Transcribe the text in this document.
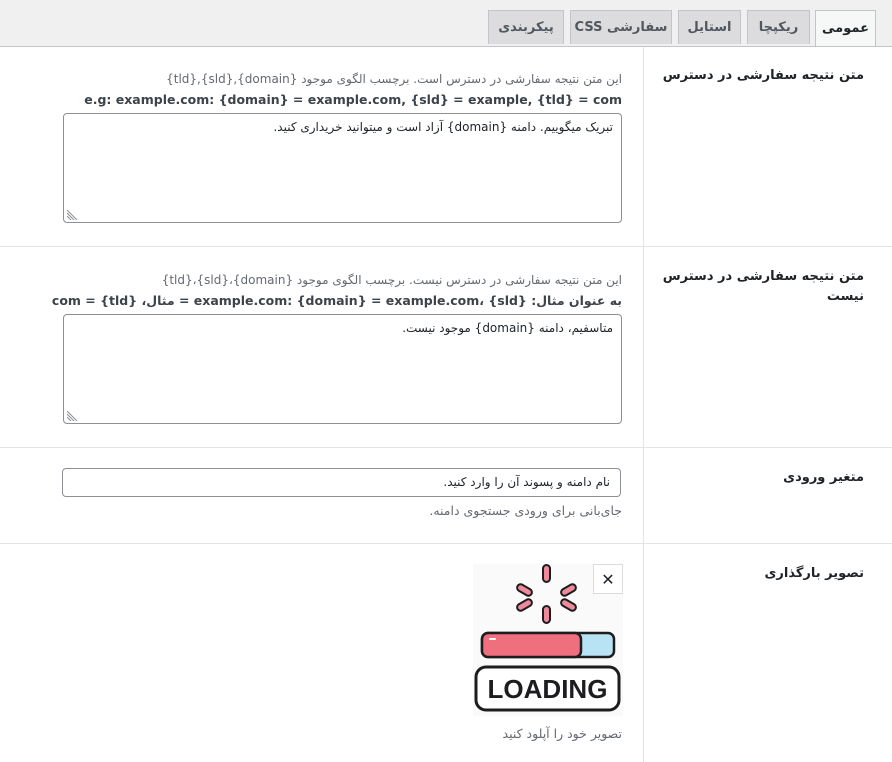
عمومی
ریکپچا
استایل
CSS سفارشی
پیکربندی
متن نتیجه سفارشی در دسترس
این متن نتیجه سفارشی در دسترس است. برچسب الگوی موجود {domain},{sld},{tld}
e.g: example.com: {domain} = example.com, {sld} = example, {tld} = com
تبریک میگوییم. دامنه {domain} آزاد است و میتوانید خریداری کنید.
متن نتیجه سفارشی در دسترس نیست
این متن نتیجه سفارشی در دسترس نیست. برچسب الگوی موجود {domain}،{sld}،{tld}
به عنوان مثال: example.com: {domain} = example.com، {sld} = مثال، {tld} = com
متاسفیم، دامنه {domain} موجود نیست.
متغیر ورودی
نام دامنه و پسوند آن را وارد کنید.
جای‌بانی برای ورودی جستجوی دامنه.
تصویر بارگذاری
LOADING
✕
تصویر خود را آپلود کنید
